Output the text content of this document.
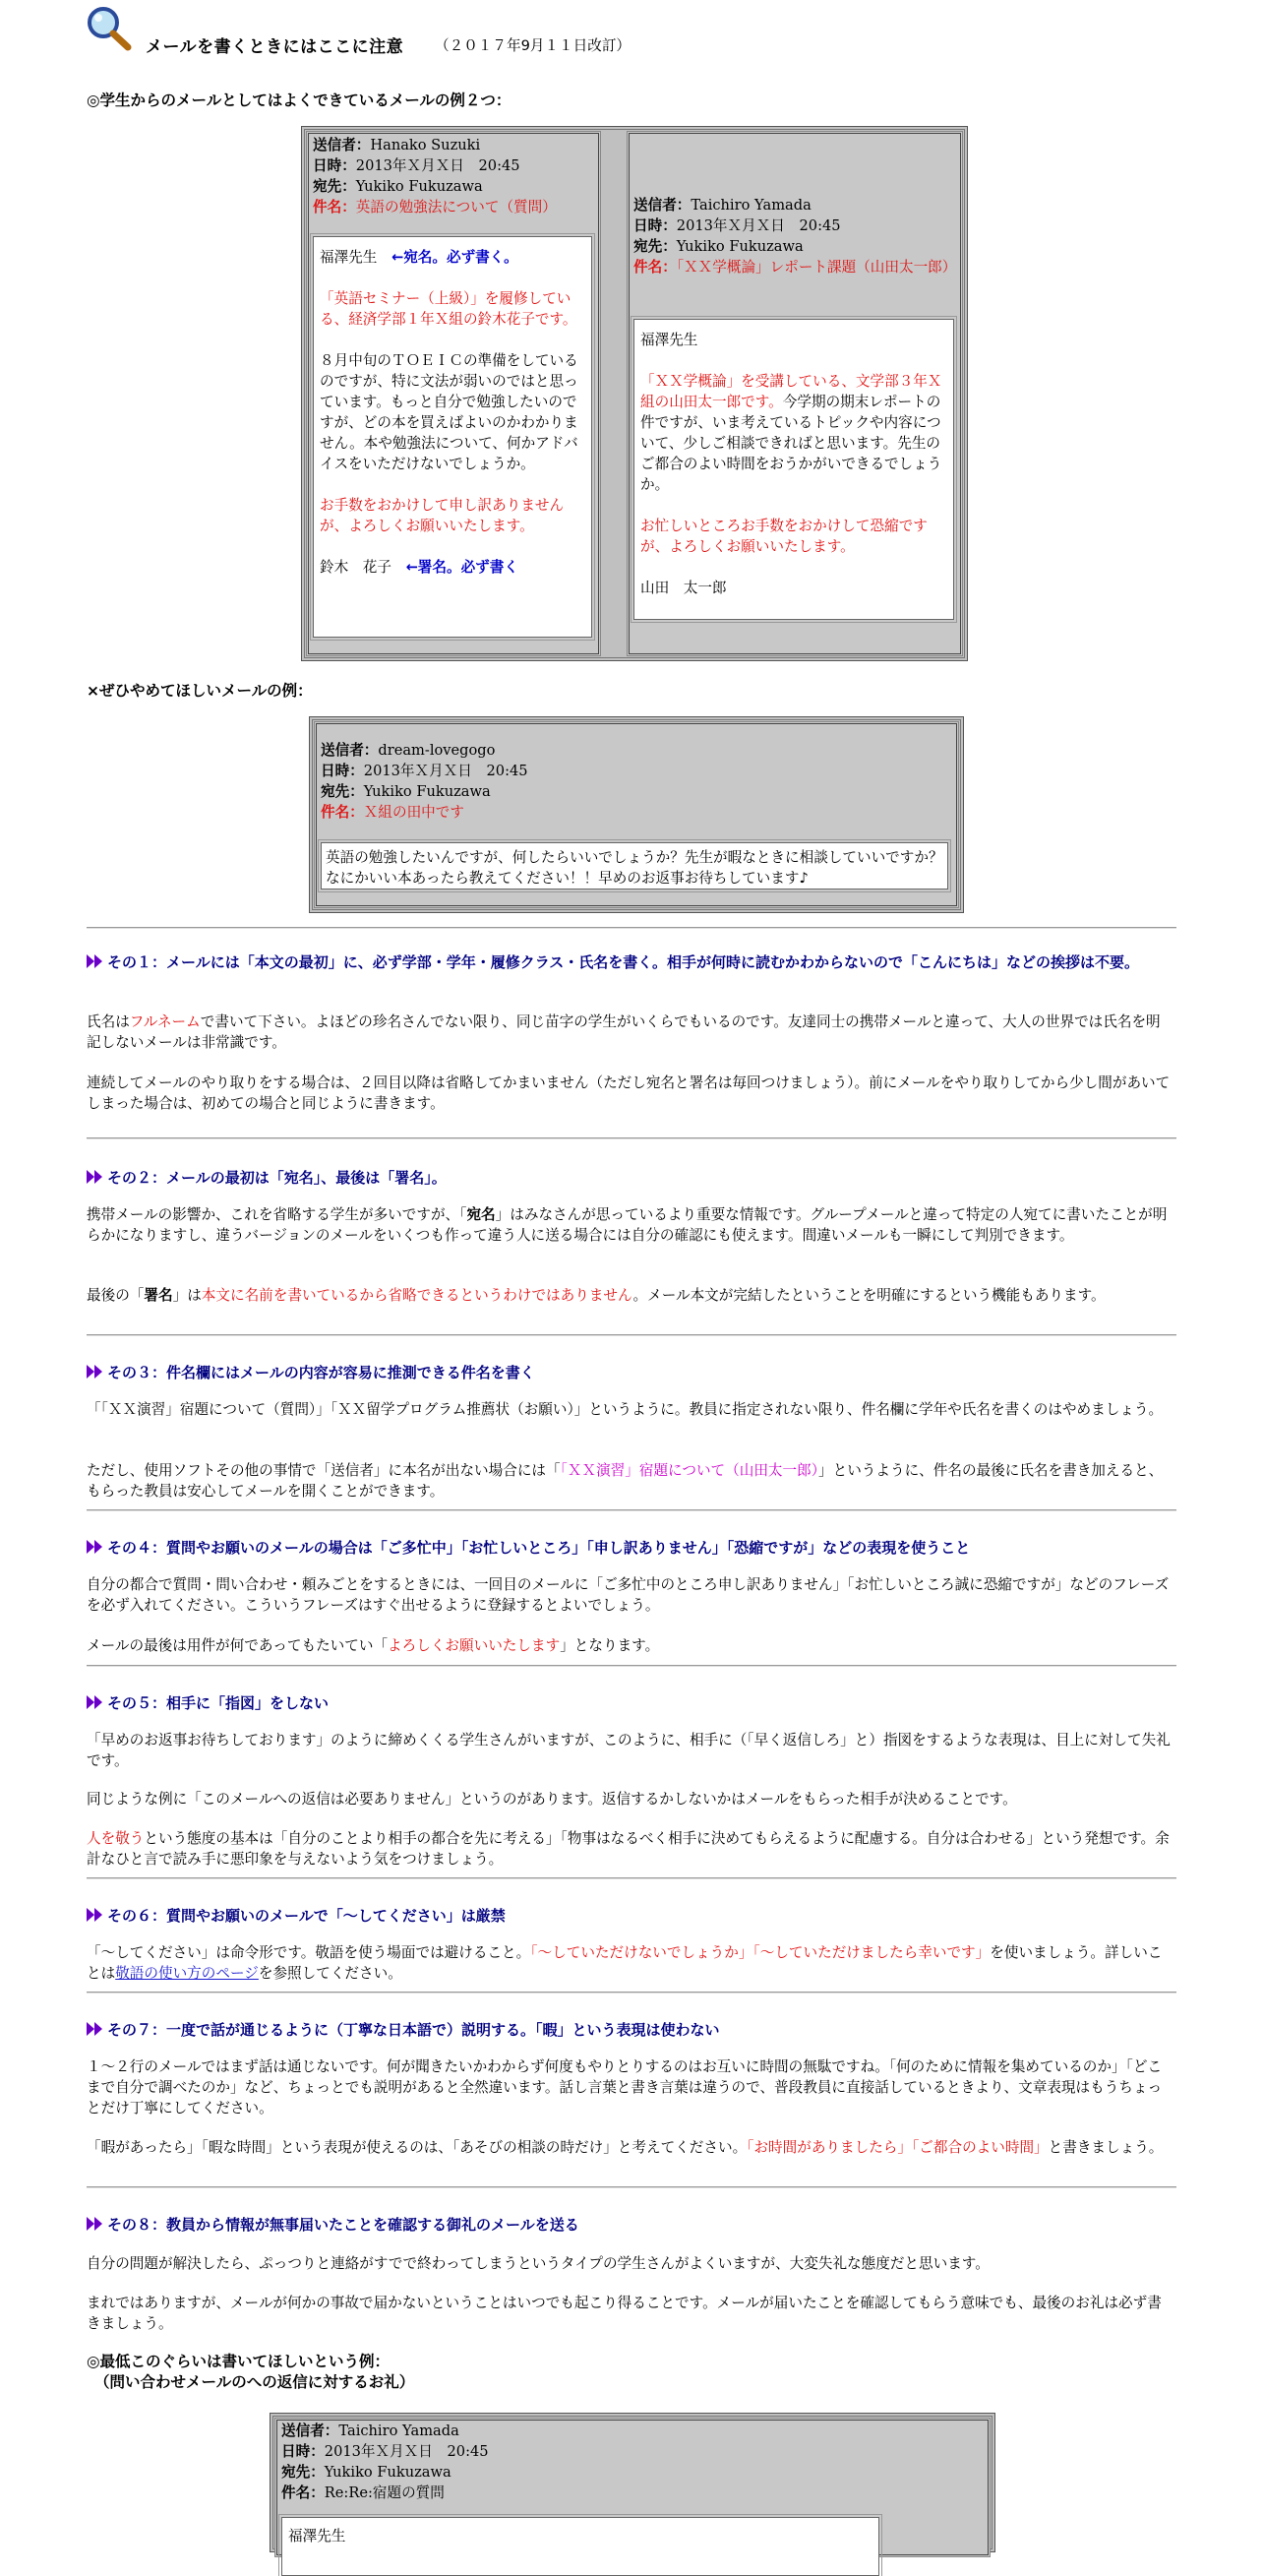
メールを書くときにはここに注意 （２０１７年9月１１日改訂）
◎学生からのメールとしてはよくできているメールの例２つ：
送信者：Hanako Suzuki
日時：2013年Ｘ月Ｘ日　20:45
宛先：Yukiko Fukuzawa
件名：英語の勉強法について（質問）

福澤先生　←宛名。必ず書く。

「英語セミナー（上級）」を履修している、経済学部１年Ｘ組の鈴木花子です。

８月中旬のＴＯＥＩＣの準備をしているのですが、特に文法が弱いのではと思っています。もっと自分で勉強したいのですが、どの本を買えばよいのかわかりません。本や勉強法について、何かアドバイスをいただけないでしょうか。

お手数をおかけして申し訳ありませんが、よろしくお願いいたします。

鈴木　花子　←署名。必ず書く

送信者：Taichiro Yamada
日時：2013年Ｘ月Ｘ日　20:45
宛先：Yukiko Fukuzawa
件名：「ＸＸ学概論」レポート課題（山田太一郎）

福澤先生

「ＸＸ学概論」を受講している、文学部３年Ｘ組の山田太一郎です。今学期の期末レポートの件ですが、いま考えているトピックや内容について、少しご相談できればと思います。先生のご都合のよい時間をおうかがいできるでしょうか。

お忙しいところお手数をおかけして恐縮ですが、よろしくお願いいたします。

山田　太一郎

×ぜひやめてほしいメールの例：
送信者：dream-lovegogo
日時：2013年Ｘ月Ｘ日　20:45
宛先：Yukiko Fukuzawa
件名：Ｘ組の田中です

英語の勉強したいんですが、何したらいいでしょうか？先生が暇なときに相談していいですか？なにかいい本あったら教えてください！！早めのお返事お待ちしています♪

その１：メールには「本文の最初」に、必ず学部・学年・履修クラス・氏名を書く。相手が何時に読むかわからないので「こんにちは」などの挨拶は不要。
氏名はフルネームで書いて下さい。よほどの珍名さんでない限り、同じ苗字の学生がいくらでもいるのです。友達同士の携帯メールと違って、大人の世界では氏名を明記しないメールは非常識です。
連続してメールのやり取りをする場合は、２回目以降は省略してかまいません（ただし宛名と署名は毎回つけましょう）。前にメールをやり取りしてから少し間があいてしまった場合は、初めての場合と同じように書きます。
その２：メールの最初は「宛名」、最後は「署名」。
携帯メールの影響か、これを省略する学生が多いですが、「宛名」はみなさんが思っているより重要な情報です。グループメールと違って特定の人宛てに書いたことが明らかになりますし、違うバージョンのメールをいくつも作って違う人に送る場合には自分の確認にも使えます。間違いメールも一瞬にして判別できます。
最後の「署名」は本文に名前を書いているから省略できるというわけではありません。メール本文が完結したということを明確にするという機能もあります。
その３：件名欄にはメールの内容が容易に推測できる件名を書く
「「ＸＸ演習」宿題について（質問）」「ＸＸ留学プログラム推薦状（お願い）」というように。教員に指定されない限り、件名欄に学年や氏名を書くのはやめましょう。
ただし、使用ソフトその他の事情で「送信者」に本名が出ない場合には「「ＸＸ演習」宿題について（山田太一郎）」というように、件名の最後に氏名を書き加えると、もらった教員は安心してメールを開くことができます。
その４：質問やお願いのメールの場合は「ご多忙中」「お忙しいところ」「申し訳ありません」「恐縮ですが」などの表現を使うこと
自分の都合で質問・問い合わせ・頼みごとをするときには、一回目のメールに「ご多忙中のところ申し訳ありません」「お忙しいところ誠に恐縮ですが」などのフレーズを必ず入れてください。こういうフレーズはすぐ出せるように登録するとよいでしょう。
メールの最後は用件が何であってもたいてい「よろしくお願いいたします」となります。
その５：相手に「指図」をしない
「早めのお返事お待ちしております」のように締めくくる学生さんがいますが、このように、相手に（「早く返信しろ」と）指図をするような表現は、目上に対して失礼です。
同じような例に「このメールへの返信は必要ありません」というのがあります。返信するかしないかはメールをもらった相手が決めることです。
人を敬うという態度の基本は「自分のことより相手の都合を先に考える」「物事はなるべく相手に決めてもらえるように配慮する。自分は合わせる」という発想です。余計なひと言で読み手に悪印象を与えないよう気をつけましょう。
その６：質問やお願いのメールで「～してください」は厳禁
「～してください」は命令形です。敬語を使う場面では避けること。「～していただけないでしょうか」「～していただけましたら幸いです」を使いましょう。詳しいことは敬語の使い方のページを参照してください。
その７：一度で話が通じるように（丁寧な日本語で）説明する。「暇」という表現は使わない
１～２行のメールではまず話は通じないです。何が聞きたいかわからず何度もやりとりするのはお互いに時間の無駄ですね。「何のために情報を集めているのか」「どこまで自分で調べたのか」など、ちょっとでも説明があると全然違います。話し言葉と書き言葉は違うので、普段教員に直接話しているときより、文章表現はもうちょっとだけ丁寧にしてください。
「暇があったら」「暇な時間」という表現が使えるのは、「あそびの相談の時だけ」と考えてください。「お時間がありましたら」「ご都合のよい時間」と書きましょう。
その８：教員から情報が無事届いたことを確認する御礼のメールを送る
自分の問題が解決したら、ぷっつりと連絡がすでで終わってしまうというタイプの学生さんがよくいますが、大変失礼な態度だと思います。
まれではありますが、メールが何かの事故で届かないということはいつでも起こり得ることです。メールが届いたことを確認してもらう意味でも、最後のお礼は必ず書きましょう。
◎最低このぐらいは書いてほしいという例：
（問い合わせメールのへの返信に対するお礼）
送信者：Taichiro Yamada
日時：2013年Ｘ月Ｘ日　20:45
宛先：Yukiko Fukuzawa
件名：Re:Re:宿題の質問

福澤先生
